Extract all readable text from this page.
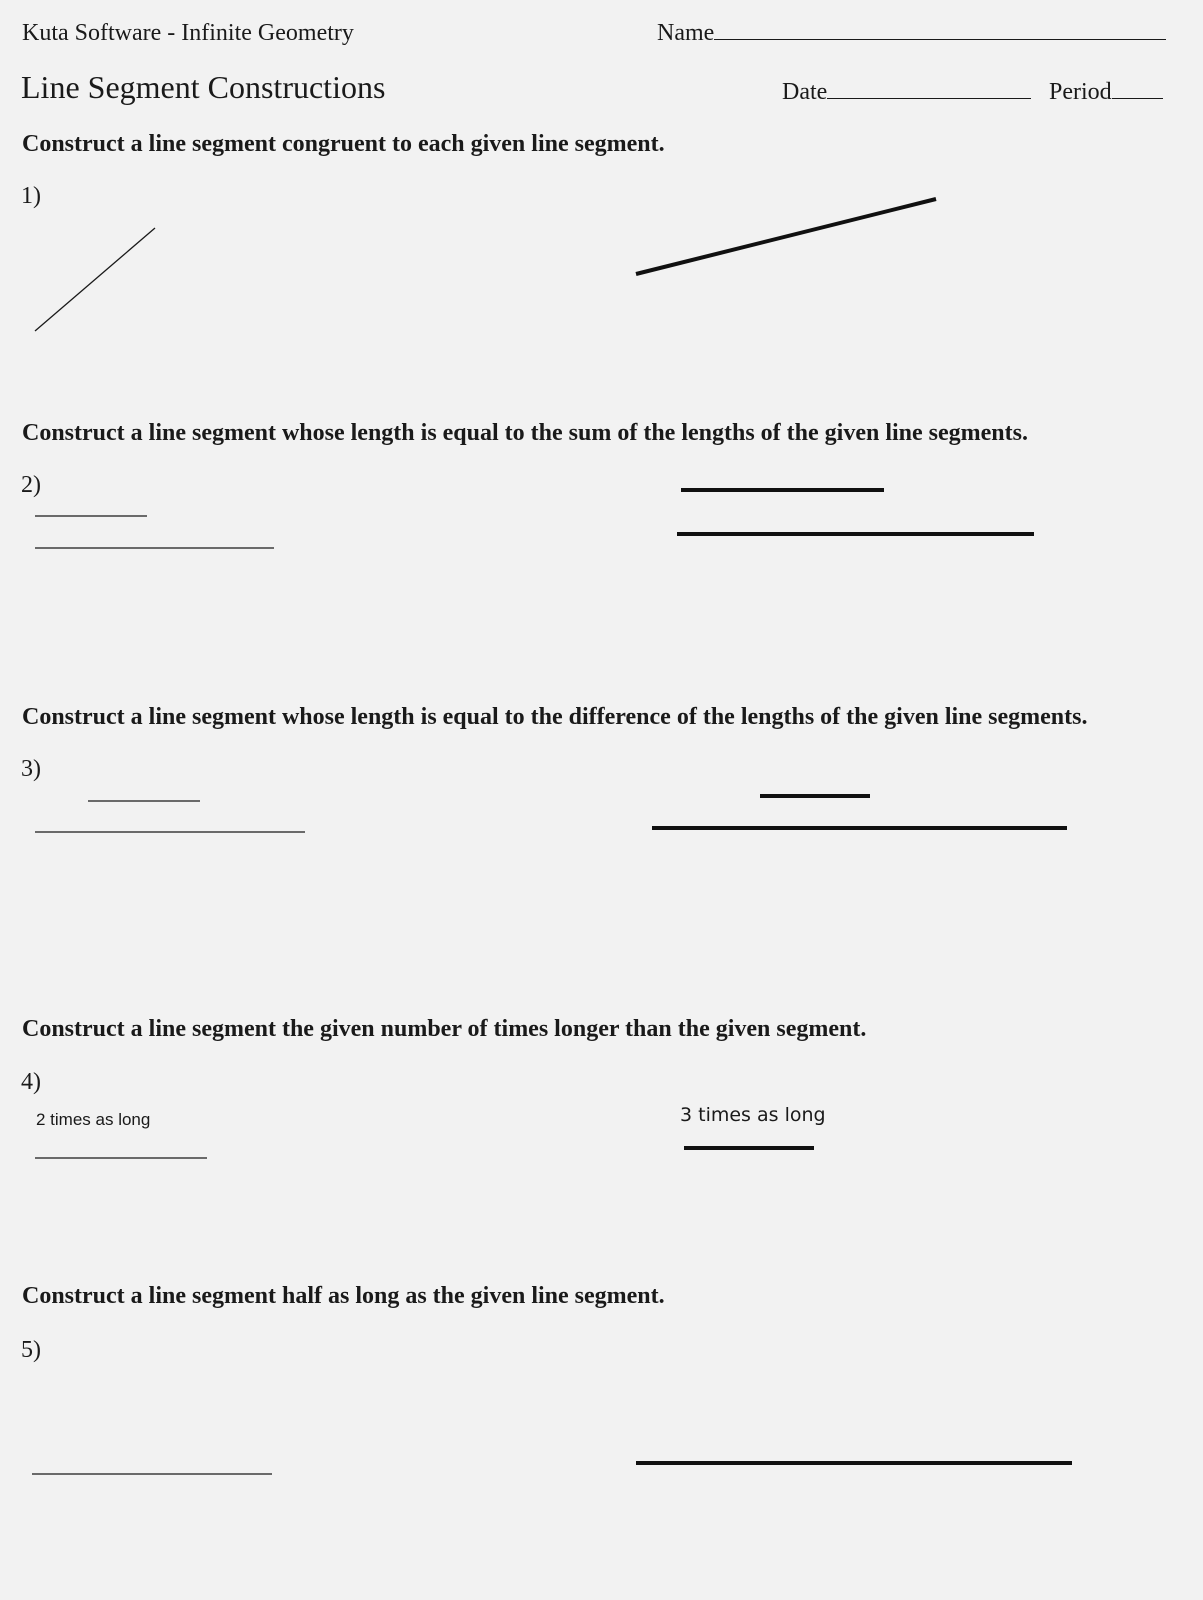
Kuta Software - Infinite Geometry
Line Segment Constructions
Name
Date	Period
Construct a line segment congruent to each given line segment.
1)
Construct a line segment whose length is equal to the sum of the lengths of the given line segments.
2)
Construct a line segment whose length is equal to the difference of the lengths of the given line segments.
3)
Construct a line segment the given number of times longer than the given segment.
4)
2 times as long	3 times as long
Construct a line segment half as long as the given line segment.
5)
